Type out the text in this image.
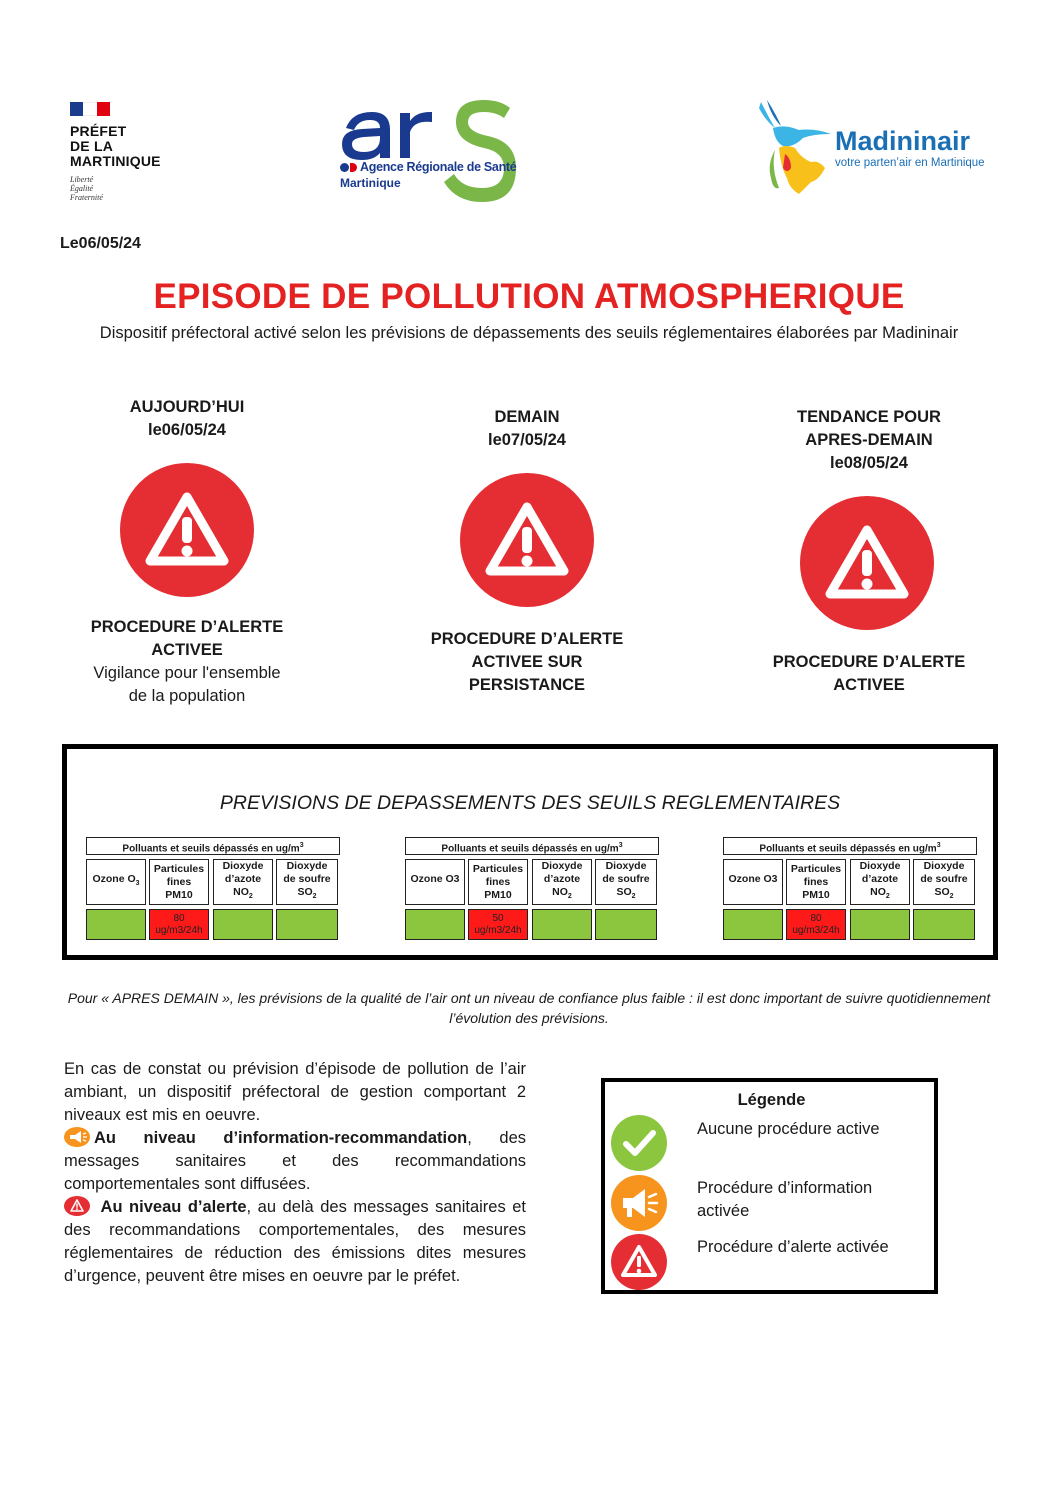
PRÉFET
DE LA
MARTINIQUE
Liberté
Égalité
Fraternité
Agence Régionale de Santé
Martinique
Madininair
votre partenʼair en Martinique
Le06/05/24
EPISODE DE POLLUTION ATMOSPHERIQUE
Dispositif préfectoral activé selon les prévisions de dépassements des seuils réglementaires élaborées par Madininair
AUJOURD’HUI
le06/05/24
PROCEDURE D’ALERTE
ACTIVEE
Vigilance pour l'ensemble
de la population
DEMAIN
le07/05/24
PROCEDURE D’ALERTE
ACTIVEE SUR
PERSISTANCE
TENDANCE POUR
APRES-DEMAIN
le08/05/24
PROCEDURE D’ALERTE
ACTIVEE
PREVISIONS DE DEPASSEMENTS DES SEUILS REGLEMENTAIRES
Polluants et seuils dépassés en $ug/m^3$
Ozone $O_3$
Particules
fines
PM10
Dioxyde
d’azote
$NO_2$
Dioxyde
de soufre
$SO_2$
80
ug/m3/24h
Polluants et seuils dépassés en $ug/m^3$
Ozone O3
Particules
fines
PM10
Dioxyde
d’azote
$NO_2$
Dioxyde
de soufre
$SO_2$
50
ug/m3/24h
Polluants et seuils dépassés en $ug/m^3$
Ozone O3
Particules
fines
PM10
Dioxyde
d’azote
$NO_2$
Dioxyde
de soufre
$SO_2$
80
ug/m3/24h
Pour « APRES DEMAIN », les prévisions de la qualité de l’air ont un niveau de confiance plus faible : il est donc important de suivre quotidiennement l’évolution des prévisions.

En cas de constat ou prévision d’épisode de pollution de l’air ambiant, un dispositif préfectoral de gestion comportant 2 niveaux est mis en oeuvre.

Au niveau d’information-recommandation, des messages sanitaires et des recommandations comportementales sont diffusées.

Au niveau d’alerte, au delà des messages sanitaires et des recommandations comportementales, des mesures réglementaires de réduction des émissions dites mesures d’urgence, peuvent être mises en oeuvre par le préfet.

Légende
Aucune procédure active
Procédure d’information activée
Procédure d’alerte activée
